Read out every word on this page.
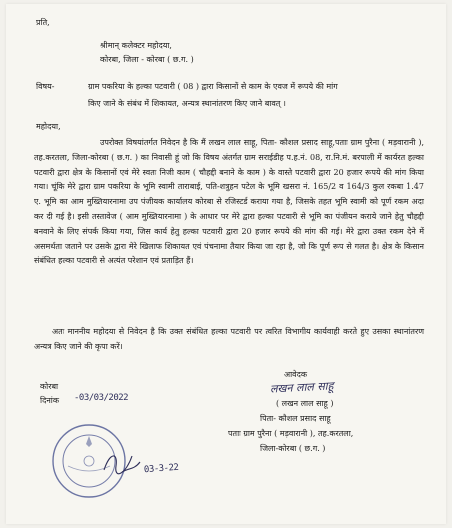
प्रति,
श्रीमान् कलेक्टर महोदया,
कोरबा, जिला - कोरबा ( छ.ग. )
विषय-	ग्राम पकरिया के हल्का पटवारी ( 08 ) द्वारा किसानों से काम के एवज में रूपये की मांग
किए जाने के संबंध में शिकायत, अन्यत्र स्थानांतरण किए जाने बावत् ।
महोदया,
उपरोक्त विषयांतर्गत निवेदन है कि मैं लखन लाल साहू, पिता- कौशल प्रसाद साहू,पताः ग्राम पुरैना ( मड़वारानी ), तह.करतला, जिला-कोरबा ( छ.ग. ) का निवासी हूं जो कि विषय अंतर्गत ग्राम सराईडीह प.ह.नं. 08, रा.नि.मं. बरपाली में कार्यरत हल्का पटवारी द्वारा क्षेत्र के किसानों एवं मेरे स्वतः निजी काम ( चौहद्दी बनाने के काम ) के वास्ते पटवारी द्वारा 20 हजार रूपये की मांग किया गया। चूंकि मेरे द्वारा ग्राम पकरिया के भूमि स्वामी ताराबाई, पति-शत्रुहन पटेल के भूमि खसरा नं. 165/2 व 164/3 कुल रकबा 1.47 ए. भूमि का आम मुख्तियारनामा उप पंजीयक कार्यालय कोरबा से रजिस्टर्ड कराया गया है, जिसके तहत भूमि स्वामी को पूर्ण रकम अदा कर दी गई है। इसी तस्तावेज ( आम मुख्तियारनामा ) के आधार पर मेरे द्वारा हल्का पटवारी से भूमि का पंजीयन कराये जाने हेतु चौहद्दी बनवाने के लिए संपर्क किया गया, जिस कार्य हेतु हल्का पटवारी द्वारा 20 हजार रूपये की मांग की गई। मेरे द्वारा उक्त रकम देने में असमर्थता जताने पर उसके द्वारा मेरे खिलाफ शिकायत एवं पंचनामा तैयार किया जा रहा है, जो कि पूर्ण रूप से गलत है। क्षेत्र के किसान संबंधित हल्का पटवारी से अत्यंत परेशान एवं प्रताड़ित हैं।
अतः माननीय महोदया से निवेदन है कि उक्त संबंधित हल्का पटवारी पर त्वरित विभागीय कार्यवाही करते हुए उसका स्थानांतरण अन्यत्र किए जाने की कृपा करें।
कोरबा
दिनांक -03/03/2022
आवेदक
लखन लाल साहू
( लखन लाल साहू )
पिता- कौशल प्रसाद साहू
पताः ग्राम पुरैना ( मड़वारानी ), तह.करतला,
जिला-कोरबा ( छ.ग. )
03-3-22
